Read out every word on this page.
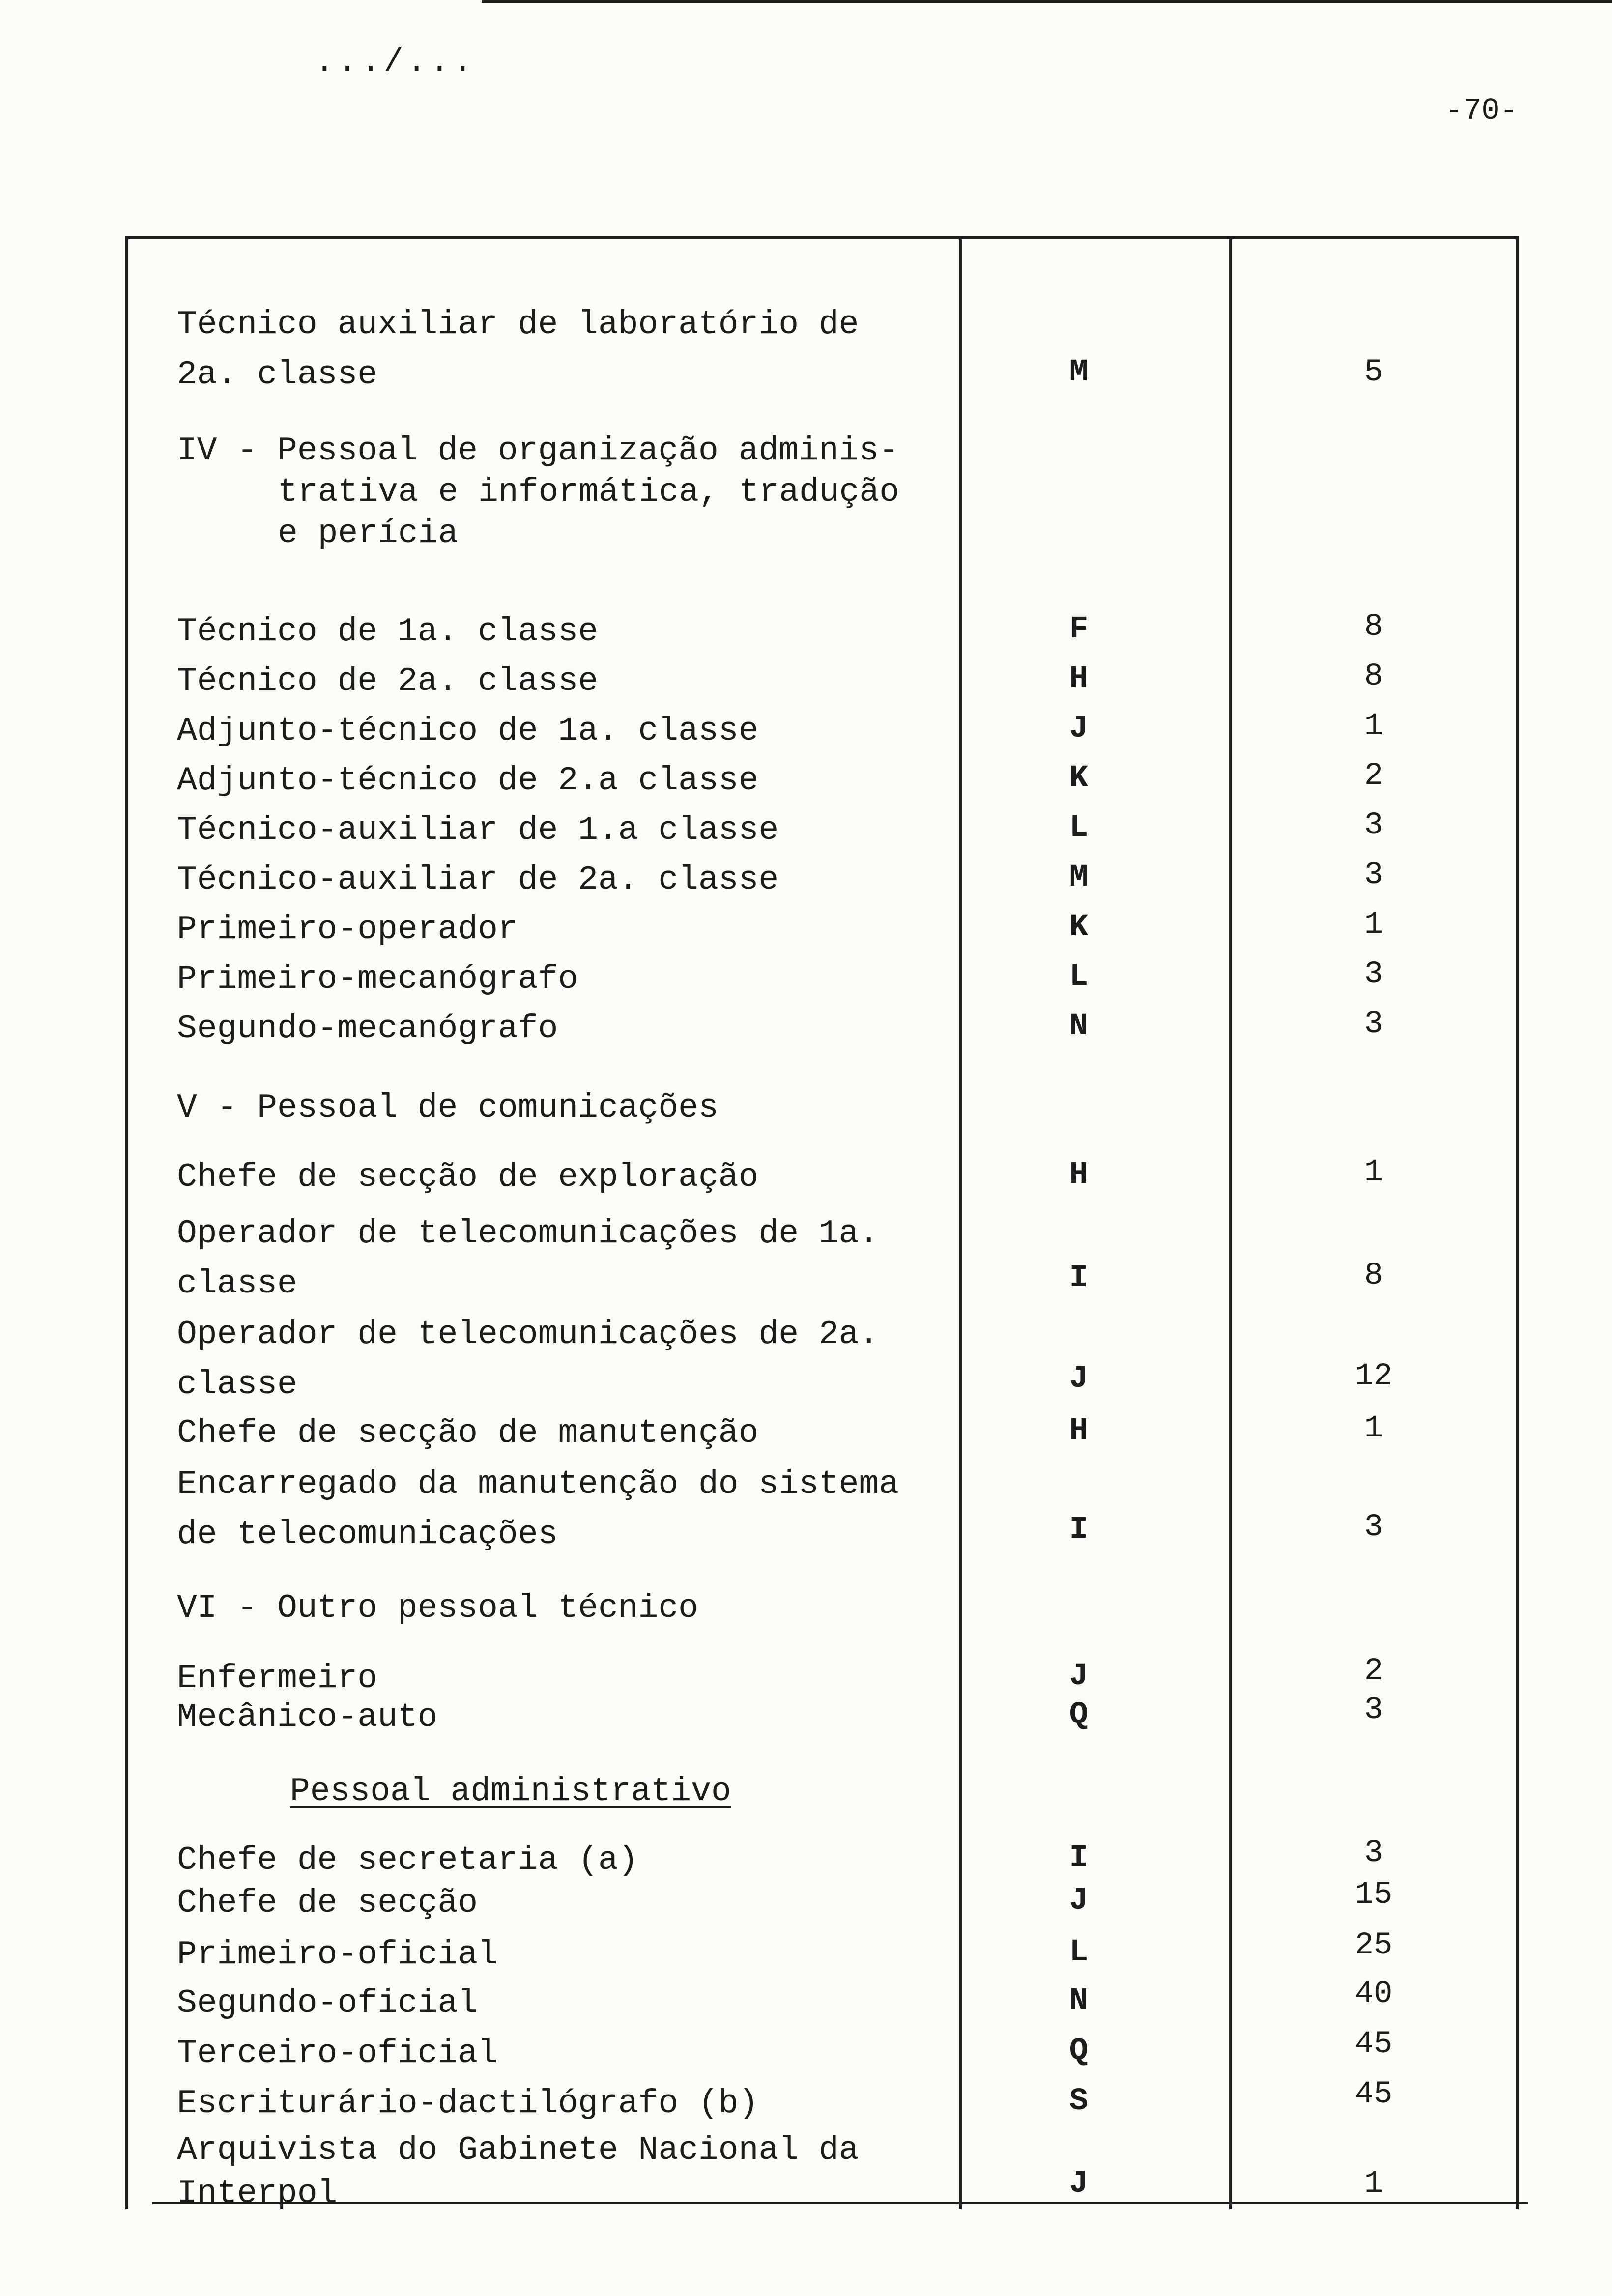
.../...
-70-
Técnico auxiliar de laboratório de
2a. classe	M	5
IV - Pessoal de organização adminis-
trativa e informática, tradução
e perícia
Técnico de 1a. classe	F	8
Técnico de 2a. classe	H	8
Adjunto-técnico de 1a. classe	J	1
Adjunto-técnico de 2.a classe	K	2
Técnico-auxiliar de 1.a classe	L	3
Técnico-auxiliar de 2a. classe	M	3
Primeiro-operador	K	1
Primeiro-mecanógrafo	L	3
Segundo-mecanógrafo	N	3
V - Pessoal de comunicações
Chefe de secção de exploração	H	1
Operador de telecomunicações de 1a.
classe	I	8
Operador de telecomunicações de 2a.
classe	J	12
Chefe de secção de manutenção	H	1
Encarregado da manutenção do sistema
de telecomunicações	I	3
VI - Outro pessoal técnico
Enfermeiro	J	2
Mecânico-auto	Q	3
Pessoal administrativo
Chefe de secretaria (a)	I	3
Chefe de secção	J	15
Primeiro-oficial	L	25
Segundo-oficial	N	40
Terceiro-oficial	Q	45
Escriturário-dactilógrafo (b)	S	45
Arquivista do Gabinete Nacional da
Interpol	J	1
